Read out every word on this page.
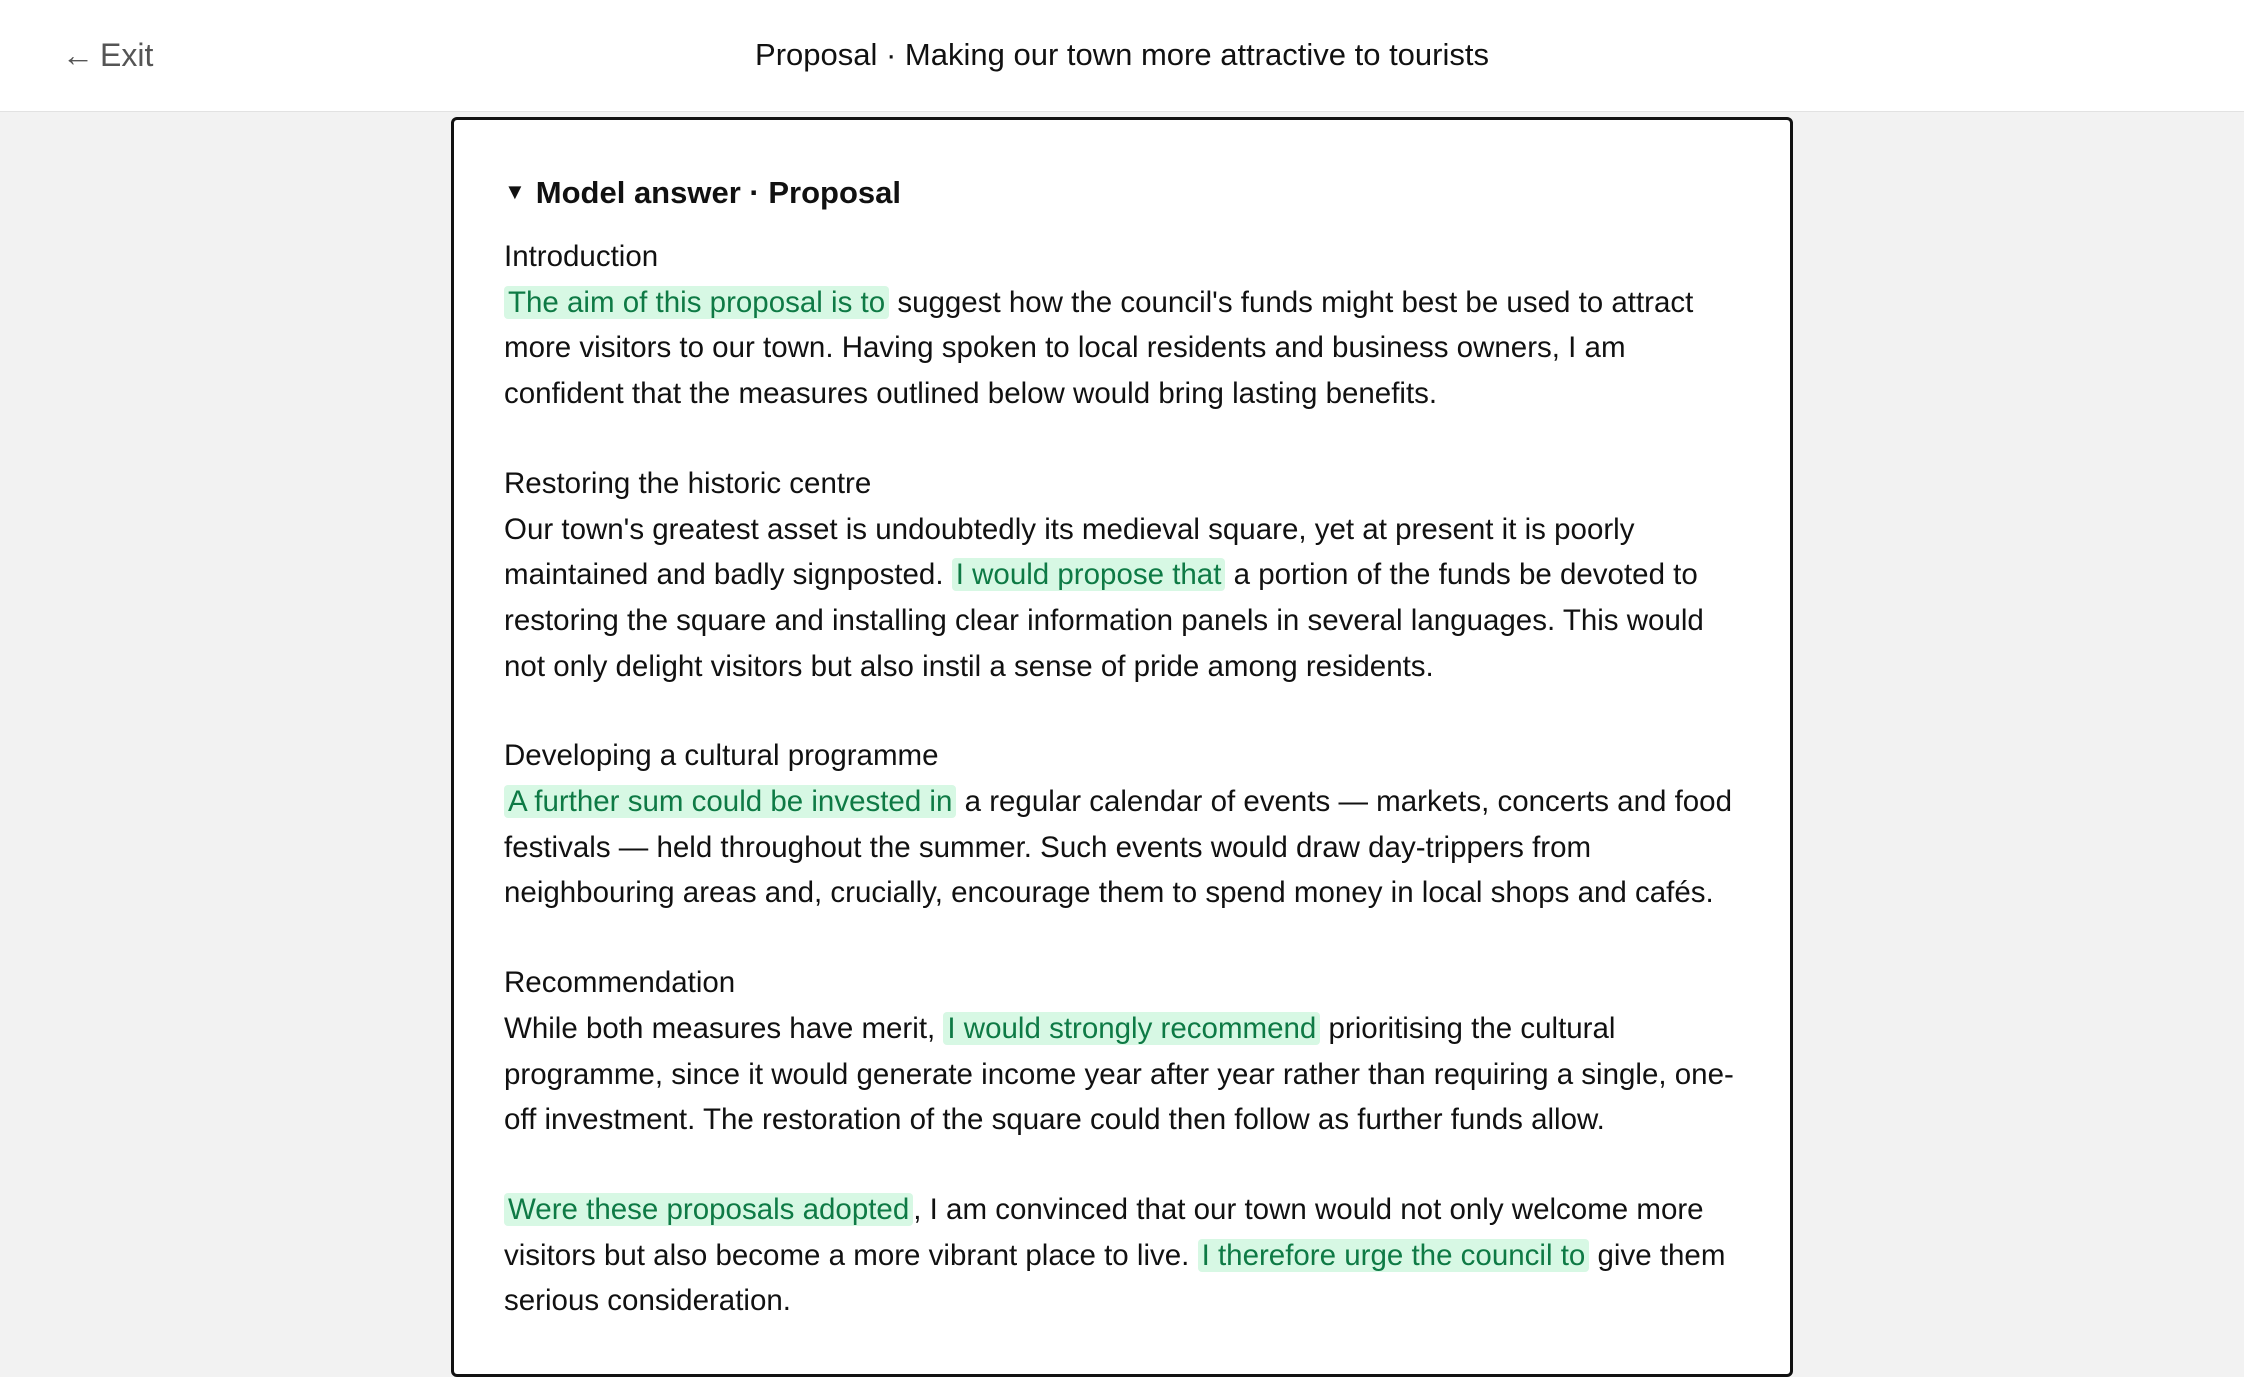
← Exit	Proposal · Making our town more attractive to tourists
▼ Model answer · Proposal

Introduction

The aim of this proposal is to suggest how the council's funds might best be used to attract more visitors to our town. Having spoken to local residents and business owners, I am confident that the measures outlined below would bring lasting benefits.

Restoring the historic centre

Our town's greatest asset is undoubtedly its medieval square, yet at present it is poorly maintained and badly signposted. I would propose that a portion of the funds be devoted to restoring the square and installing clear information panels in several languages. This would not only delight visitors but also instil a sense of pride among residents.

Developing a cultural programme

A further sum could be invested in a regular calendar of events — markets, concerts and food festivals — held throughout the summer. Such events would draw day-trippers from neighbouring areas and, crucially, encourage them to spend money in local shops and cafés.

Recommendation

While both measures have merit, I would strongly recommend prioritising the cultural programme, since it would generate income year after year rather than requiring a single, one-off investment. The restoration of the square could then follow as further funds allow.

Were these proposals adopted , I am convinced that our town would not only welcome more visitors but also become a more vibrant place to live. I therefore urge the council to give them serious consideration.
